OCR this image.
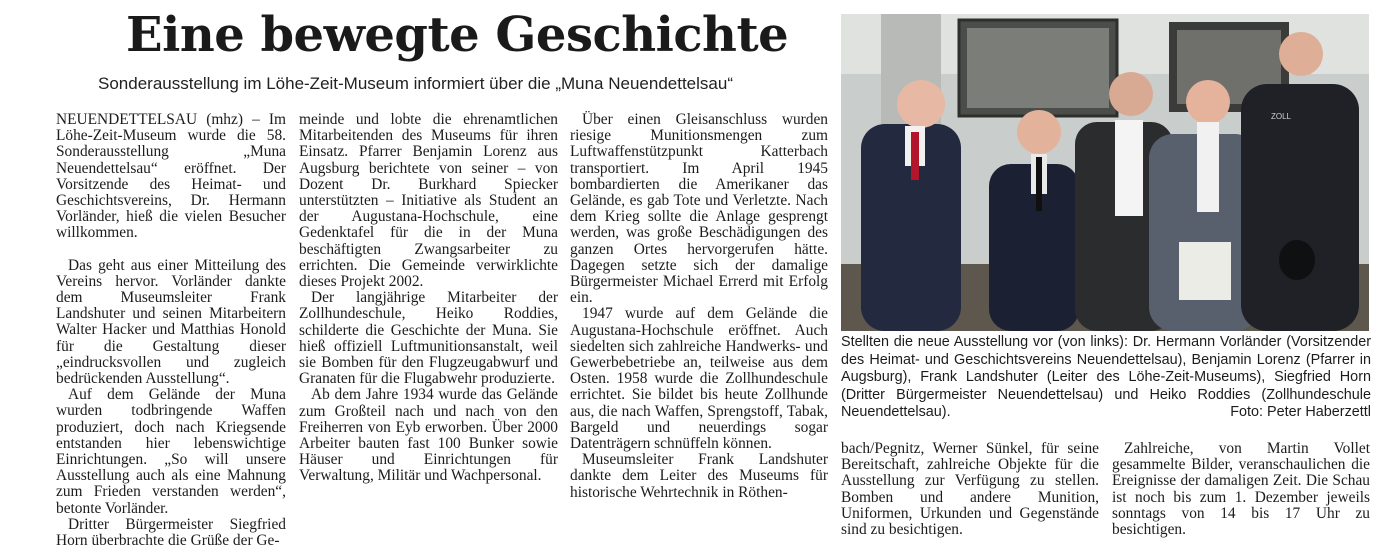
Eine bewegte Geschichte
Sonderausstellung im Löhe-Zeit-Museum informiert über die „Muna Neuendettelsau“

NEUENDETTELSAU (mhz) – Im Löhe-Zeit-Museum wurde die 58. Sonderausstellung „Muna Neuendettelsau“ eröffnet. Der Vorsitzende des Heimat- und Geschichtsvereins, Dr. Hermann Vorländer, hieß die vielen Besucher willkommen.

Das geht aus einer Mitteilung des Vereins hervor. Vorländer dankte dem Museumsleiter Frank Landshuter und seinen Mitarbeitern Walter Hacker und Matthias Honold für die Gestaltung dieser „eindrucksvollen und zugleich bedrückenden Ausstellung“.

Auf dem Gelände der Muna wurden todbringende Waffen produziert, doch nach Kriegsende entstanden hier lebenswichtige Einrichtungen. „So will unsere Ausstellung auch als eine Mahnung zum Frieden verstanden werden“, betonte Vorländer.

Dritter Bürgermeister Siegfried Horn überbrachte die Grüße der Ge-

meinde und lobte die ehrenamtlichen Mitarbeitenden des Museums für ihren Einsatz. Pfarrer Benjamin Lorenz aus Augsburg berichtete von seiner – von Dozent Dr. Burkhard Spiecker unterstützten – Initiative als Student an der Augustana-Hochschule, eine Gedenktafel für die in der Muna beschäftigten Zwangsarbeiter zu errichten. Die Gemeinde verwirklichte dieses Projekt 2002.

Der langjährige Mitarbeiter der Zollhundeschule, Heiko Roddies, schilderte die Geschichte der Muna. Sie hieß offiziell Luftmunitionsanstalt, weil sie Bomben für den Flugzeugabwurf und Granaten für die Flugabwehr produzierte.

Ab dem Jahre 1934 wurde das Gelände zum Großteil nach und nach von den Freiherren von Eyb erworben. Über 2000 Arbeiter bauten fast 100 Bunker sowie Häuser und Einrichtungen für Verwaltung, Militär und Wachpersonal.

Über einen Gleisanschluss wurden riesige Munitionsmengen zum Luftwaffenstützpunkt Katterbach transportiert. Im April 1945 bombardierten die Amerikaner das Gelände, es gab Tote und Verletzte. Nach dem Krieg sollte die Anlage gesprengt werden, was große Beschädigungen des ganzen Ortes hervorgerufen hätte. Dagegen setzte sich der damalige Bürgermeister Michael Errerd mit Erfolg ein.

1947 wurde auf dem Gelände die Augustana-Hochschule eröffnet. Auch siedelten sich zahlreiche Handwerks- und Gewerbebetriebe an, teilweise aus dem Osten. 1958 wurde die Zollhundeschule errichtet. Sie bildet bis heute Zollhunde aus, die nach Waffen, Sprengstoff, Tabak, Bargeld und neuerdings sogar Datenträgern schnüffeln können.

Museumsleiter Frank Landshuter dankte dem Leiter des Museums für historische Wehrtechnik in Röthen-

ZOLL
Stellten die neue Ausstellung vor (von links): Dr. Hermann Vorländer (Vorsitzender des Heimat- und Geschichtsvereins Neuendettelsau), Benjamin Lorenz (Pfarrer in Augsburg), Frank Landshuter (Leiter des Löhe-Zeit-Museums), Siegfried Horn (Dritter Bürgermeister Neuendettelsau) und Heiko Roddies (Zollhundeschule Neuendettelsau).	Foto: Peter Haberzettl

bach/Pegnitz, Werner Sünkel, für seine Bereitschaft, zahlreiche Objekte für die Ausstellung zur Verfügung zu stellen. Bomben und andere Munition, Uniformen, Urkunden und Gegenstände sind zu besichtigen.

Zahlreiche, von Martin Vollet gesammelte Bilder, veranschaulichen die Ereignisse der damaligen Zeit. Die Schau ist noch bis zum 1. Dezember jeweils sonntags von 14 bis 17 Uhr zu besichtigen.
